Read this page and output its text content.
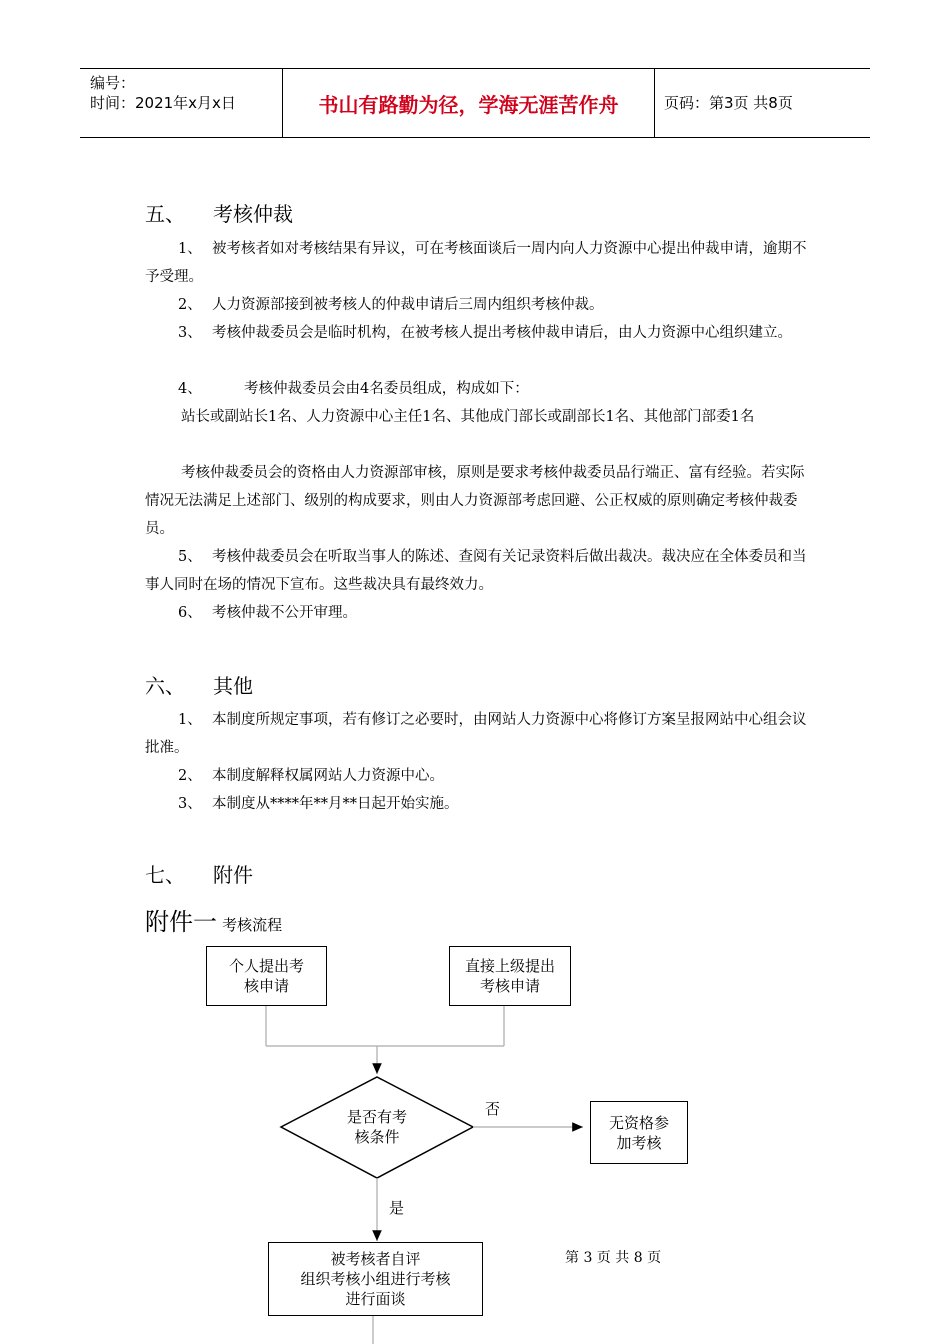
编号：
时间：2021年x月x日	书山有路勤为径，学海无涯苦作舟	页码：第3页 共8页
五、 考核仲裁
1、 被考核者如对考核结果有异议，可在考核面谈后一周内向人力资源中心提出仲裁申请，逾期不予受理。
2、 人力资源部接到被考核人的仲裁申请后三周内组织考核仲裁。
3、 考核仲裁委员会是临时机构，在被考核人提出考核仲裁申请后，由人力资源中心组织建立。
4、	考核仲裁委员会由4名委员组成，构成如下：
站长或副站长1名、人力资源中心主任1名、其他成门部长或副部长1名、其他部门部委1名
考核仲裁委员会的资格由人力资源部审核，原则是要求考核仲裁委员品行端正、富有经验。若实际情况无法满足上述部门、级别的构成要求，则由人力资源部考虑回避、公正权威的原则确定考核仲裁委员。
5、 考核仲裁委员会在听取当事人的陈述、查阅有关记录资料后做出裁决。裁决应在全体委员和当事人同时在场的情况下宣布。这些裁决具有最终效力。
6、 考核仲裁不公开审理。
六、 其他
1、 本制度所规定事项，若有修订之必要时，由网站人力资源中心将修订方案呈报网站中心组会议批准。
2、 本制度解释权属网站人力资源中心。
3、 本制度从****年**月**日起开始实施。
七、 附件
附件一 考核流程
个人提出考
核申请
直接上级提出
考核申请
是否有考
核条件
否
是
无资格参
加考核
被考核者自评
组织考核小组进行考核
进行面谈
第 3 页 共 8 页
